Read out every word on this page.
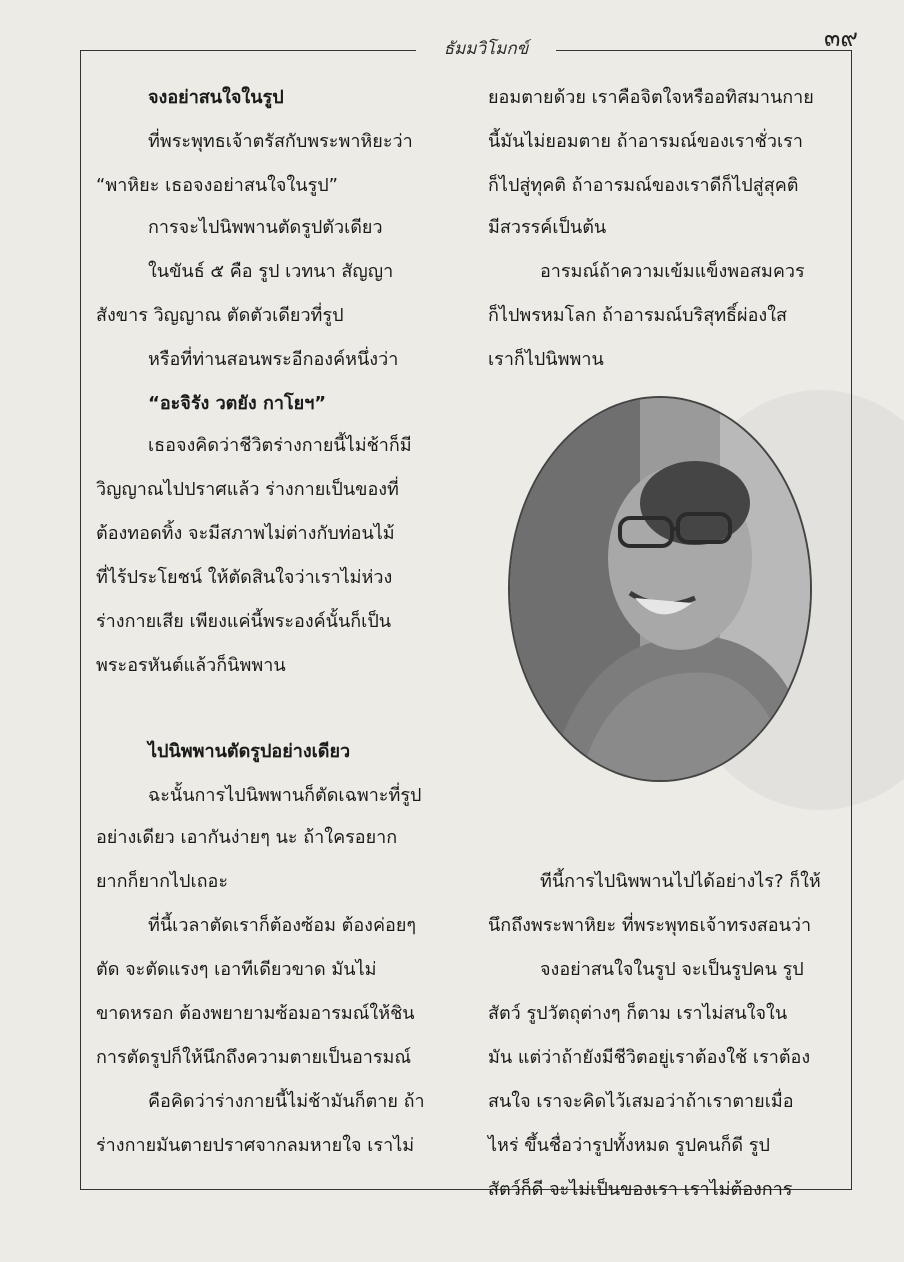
๓๙
ธัมมวิโมกข์
จงอย่าสนใจในรูป
ที่พระพุทธเจ้าตรัสกับพระพาหิยะว่า
“พาหิยะ เธอจงอย่าสนใจในรูป”
การจะไปนิพพานตัดรูปตัวเดียว
ในขันธ์ ๕ คือ รูป เวทนา สัญญา
สังขาร วิญญาณ ตัดตัวเดียวที่รูป
หรือที่ท่านสอนพระอีกองค์หนึ่งว่า
“อะจิรัง วตยัง กาโยฯ”
เธอจงคิดว่าชีวิตร่างกายนี้ไม่ช้าก็มี
วิญญาณไปปราศแล้ว ร่างกายเป็นของที่
ต้องทอดทิ้ง จะมีสภาพไม่ต่างกับท่อนไม้
ที่ไร้ประโยชน์ ให้ตัดสินใจว่าเราไม่ห่วง
ร่างกายเสีย เพียงแค่นี้พระองค์นั้นก็เป็น
พระอรหันต์แล้วก็นิพพาน
ไปนิพพานตัดรูปอย่างเดียว
ฉะนั้นการไปนิพพานก็ตัดเฉพาะที่รูป
อย่างเดียว เอากันง่ายๆ นะ ถ้าใครอยาก
ยากก็ยากไปเถอะ
ที่นี้เวลาตัดเราก็ต้องซ้อม ต้องค่อยๆ
ตัด จะตัดแรงๆ เอาทีเดียวขาด มันไม่
ขาดหรอก ต้องพยายามซ้อมอารมณ์ให้ชิน
การตัดรูปก็ให้นึกถึงความตายเป็นอารมณ์
คือคิดว่าร่างกายนี้ไม่ช้ามันก็ตาย ถ้า
ร่างกายมันตายปราศจากลมหายใจ เราไม่
ยอมตายด้วย เราคือจิตใจหรืออทิสมานกาย
นี้มันไม่ยอมตาย ถ้าอารมณ์ของเราชั่วเรา
ก็ไปสู่ทุคติ ถ้าอารมณ์ของเราดีก็ไปสู่สุคติ
มีสวรรค์เป็นต้น
อารมณ์ถ้าความเข้มแข็งพอสมควร
ก็ไปพรหมโลก ถ้าอารมณ์บริสุทธิ์ผ่องใส
เราก็ไปนิพพาน
ทีนี้การไปนิพพานไปได้อย่างไร? ก็ให้
นึกถึงพระพาหิยะ ที่พระพุทธเจ้าทรงสอนว่า
จงอย่าสนใจในรูป จะเป็นรูปคน รูป
สัตว์ รูปวัตถุต่างๆ ก็ตาม เราไม่สนใจใน
มัน แต่ว่าถ้ายังมีชีวิตอยู่เราต้องใช้ เราต้อง
สนใจ เราจะคิดไว้เสมอว่าถ้าเราตายเมื่อ
ไหร่ ขึ้นชื่อว่ารูปทั้งหมด รูปคนก็ดี รูป
สัตว์ก็ดี จะไม่เป็นของเรา เราไม่ต้องการ
